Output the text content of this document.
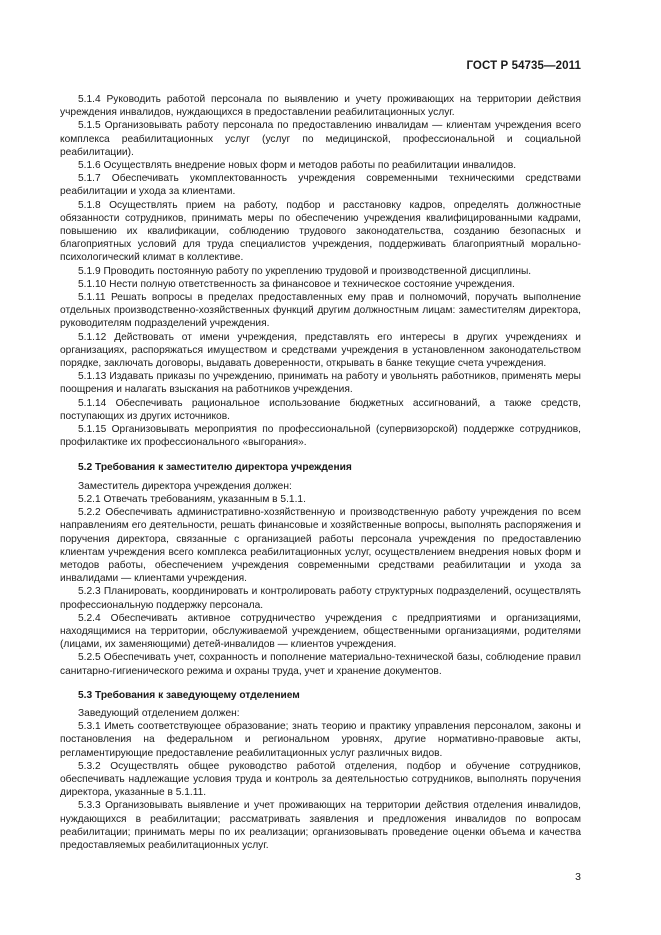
ГОСТ Р 54735—2011

5.1.4 Руководить работой персонала по выявлению и учету проживающих на территории действия учреждения инвалидов, нуждающихся в предоставлении реабилитационных услуг.

5.1.5 Организовывать работу персонала по предоставлению инвалидам — клиентам учреждения всего комплекса реабилитационных услуг (услуг по медицинской, профессиональной и социальной реабилитации).

5.1.6 Осуществлять внедрение новых форм и методов работы по реабилитации инвалидов.

5.1.7 Обеспечивать укомплектованность учреждения современными техническими средствами реабилитации и ухода за клиентами.

5.1.8 Осуществлять прием на работу, подбор и расстановку кадров, определять должностные обязанности сотрудников, принимать меры по обеспечению учреждения квалифицированными кадрами, повышению их квалификации, соблюдению трудового законодательства, созданию безопасных и благоприятных условий для труда специалистов учреждения, поддерживать благоприятный морально-психологический климат в коллективе.

5.1.9 Проводить постоянную работу по укреплению трудовой и производственной дисциплины.

5.1.10 Нести полную ответственность за финансовое и техническое состояние учреждения.

5.1.11 Решать вопросы в пределах предоставленных ему прав и полномочий, поручать выполнение отдельных производственно-хозяйственных функций другим должностным лицам: заместителям директора, руководителям подразделений учреждения.

5.1.12 Действовать от имени учреждения, представлять его интересы в других учреждениях и организациях, распоряжаться имуществом и средствами учреждения в установленном законодательством порядке, заключать договоры, выдавать доверенности, открывать в банке текущие счета учреждения.

5.1.13 Издавать приказы по учреждению, принимать на работу и увольнять работников, применять меры поощрения и налагать взыскания на работников учреждения.

5.1.14 Обеспечивать рациональное использование бюджетных ассигнований, а также средств, поступающих из других источников.

5.1.15 Организовывать мероприятия по профессиональной (супервизорской) поддержке сотрудников, профилактике их профессионального «выгорания».

5.2 Требования к заместителю директора учреждения

Заместитель директора учреждения должен:

5.2.1 Отвечать требованиям, указанным в 5.1.1.

5.2.2 Обеспечивать административно-хозяйственную и производственную работу учреждения по всем направлениям его деятельности, решать финансовые и хозяйственные вопросы, выполнять распоряжения и поручения директора, связанные с организацией работы персонала учреждения по предоставлению клиентам учреждения всего комплекса реабилитационных услуг, осуществлением внедрения новых форм и методов работы, обеспечением учреждения современными средствами реабилитации и ухода за инвалидами — клиентами учреждения.

5.2.3 Планировать, координировать и контролировать работу структурных подразделений, осуществлять профессиональную поддержку персонала.

5.2.4 Обеспечивать активное сотрудничество учреждения с предприятиями и организациями, находящимися на территории, обслуживаемой учреждением, общественными организациями, родителями (лицами, их заменяющими) детей-инвалидов — клиентов учреждения.

5.2.5 Обеспечивать учет, сохранность и пополнение материально-технической базы, соблюдение правил санитарно-гигиенического режима и охраны труда, учет и хранение документов.

5.3 Требования к заведующему отделением

Заведующий отделением должен:

5.3.1 Иметь соответствующее образование; знать теорию и практику управления персоналом, законы и постановления на федеральном и региональном уровнях, другие нормативно-правовые акты, регламентирующие предоставление реабилитационных услуг различных видов.

5.3.2 Осуществлять общее руководство работой отделения, подбор и обучение сотрудников, обеспечивать надлежащие условия труда и контроль за деятельностью сотрудников, выполнять поручения директора, указанные в 5.1.11.

5.3.3 Организовывать выявление и учет проживающих на территории действия отделения инвалидов, нуждающихся в реабилитации; рассматривать заявления и предложения инвалидов по вопросам реабилитации; принимать меры по их реализации; организовывать проведение оценки объема и качества предоставляемых реабилитационных услуг.

3
